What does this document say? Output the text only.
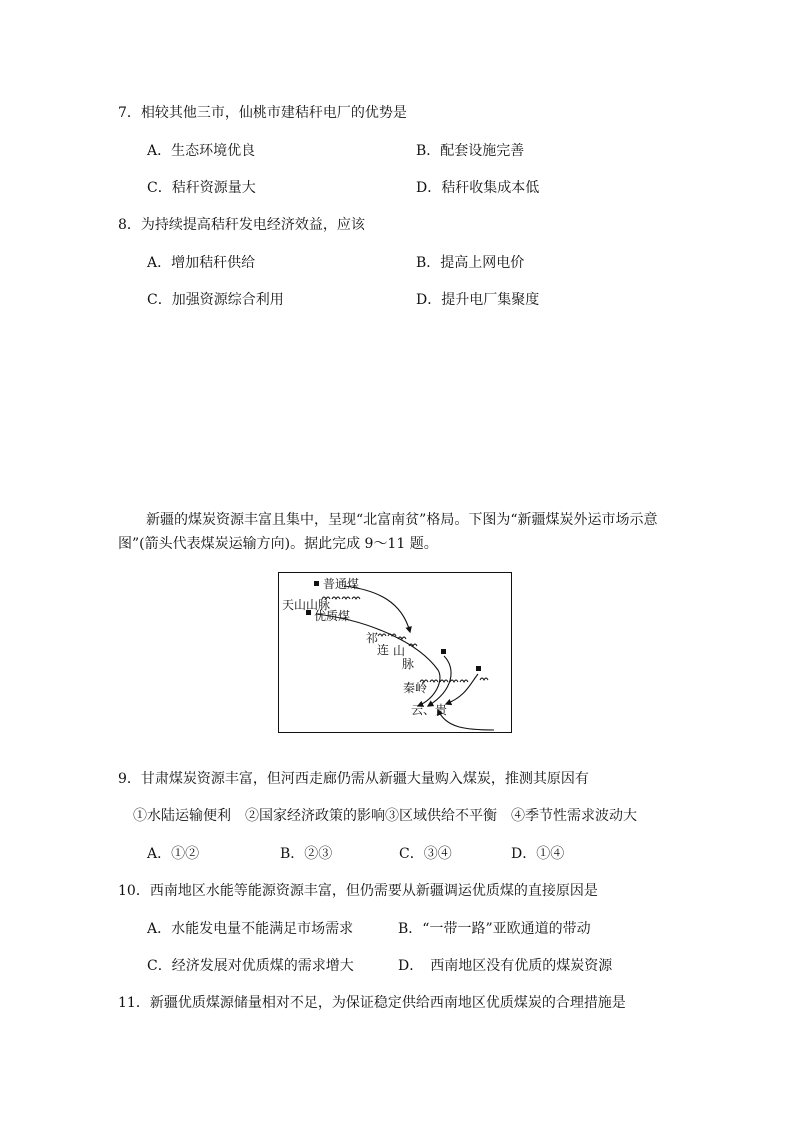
7．相较其他三市，仙桃市建秸秆电厂的优势是
A．生态环境优良	B．配套设施完善
C．秸秆资源量大	D．秸秆收集成本低
8．为持续提高秸秆发电经济效益，应该
A．增加秸秆供给	B．提高上网电价
C．加强资源综合利用	D．提升电厂集聚度
新疆的煤炭资源丰富且集中，呈现“北富南贫”格局。下图为“新疆煤炭外运市场示意图”(箭头代表煤炭运输方向)。据此完成 9～11 题。
普通煤
天山山脉
优质煤
祁
连 山
脉
秦岭
云、贵
9．甘肃煤炭资源丰富，但河西走廊仍需从新疆大量购入煤炭，推测其原因有
①水陆运输便利　②国家经济政策的影响③区域供给不平衡　④季节性需求波动大
A．①②	B．②③	C．③④	D．①④
10．西南地区水能等能源资源丰富，但仍需要从新疆调运优质煤的直接原因是
A．水能发电量不能满足市场需求	B．“一带一路”亚欧通道的带动
C．经济发展对优质煤的需求增大	D．　西南地区没有优质的煤炭资源
11．新疆优质煤源储量相对不足，为保证稳定供给西南地区优质煤炭的合理措施是
